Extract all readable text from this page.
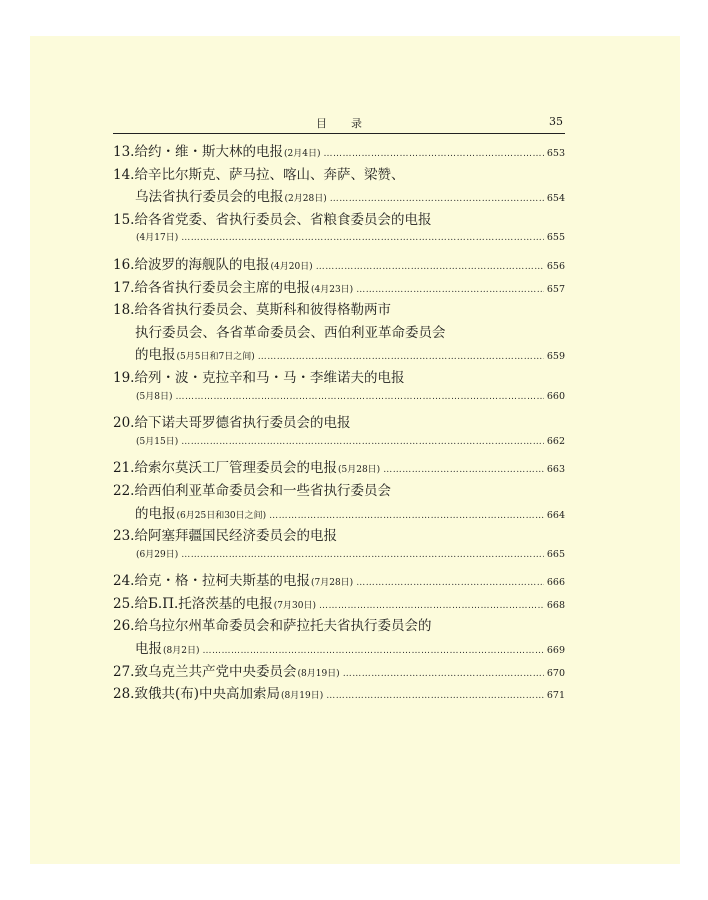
目录	35
13. 给约・维・斯大林的电报 (2月4日) …………………………………………………………………………………………………………………………………………	653
14. 给辛比尔斯克、萨马拉、喀山、奔萨、梁赞、
乌法省执行委员会的电报 (2月28日) …………………………………………………………………………………………………………………………………………	654
15. 给各省党委、省执行委员会、省粮食委员会的电报
(4月17日) …………………………………………………………………………………………………………………………………………	655
16. 给波罗的海舰队的电报 (4月20日) …………………………………………………………………………………………………………………………………………	656
17. 给各省执行委员会主席的电报 (4月23日) …………………………………………………………………………………………………………………………………………	657
18. 给各省执行委员会、莫斯科和彼得格勒两市
执行委员会、各省革命委员会、西伯利亚革命委员会
的电报 (5月5日和7日之间) …………………………………………………………………………………………………………………………………………	659
19. 给列・波・克拉辛和马・马・李维诺夫的电报
(5月8日) …………………………………………………………………………………………………………………………………………	660
20. 给下诺夫哥罗德省执行委员会的电报
(5月15日) …………………………………………………………………………………………………………………………………………	662
21. 给索尔莫沃工厂管理委员会的电报 (5月28日) …………………………………………………………………………………………………………………………………………	663
22. 给西伯利亚革命委员会和一些省执行委员会
的电报 (6月25日和30日之间) …………………………………………………………………………………………………………………………………………	664
23. 给阿塞拜疆国民经济委员会的电报
(6月29日) …………………………………………………………………………………………………………………………………………	665
24. 给克・格・拉柯夫斯基的电报 (7月28日) …………………………………………………………………………………………………………………………………………	666
25. 给Б.П.托洛茨基的电报 (7月30日) …………………………………………………………………………………………………………………………………………	668
26. 给乌拉尔州革命委员会和萨拉托夫省执行委员会的
电报 (8月2日) …………………………………………………………………………………………………………………………………………	669
27. 致乌克兰共产党中央委员会 (8月19日) …………………………………………………………………………………………………………………………………………	670
28. 致俄共(布)中央高加索局 (8月19日) …………………………………………………………………………………………………………………………………………	671
